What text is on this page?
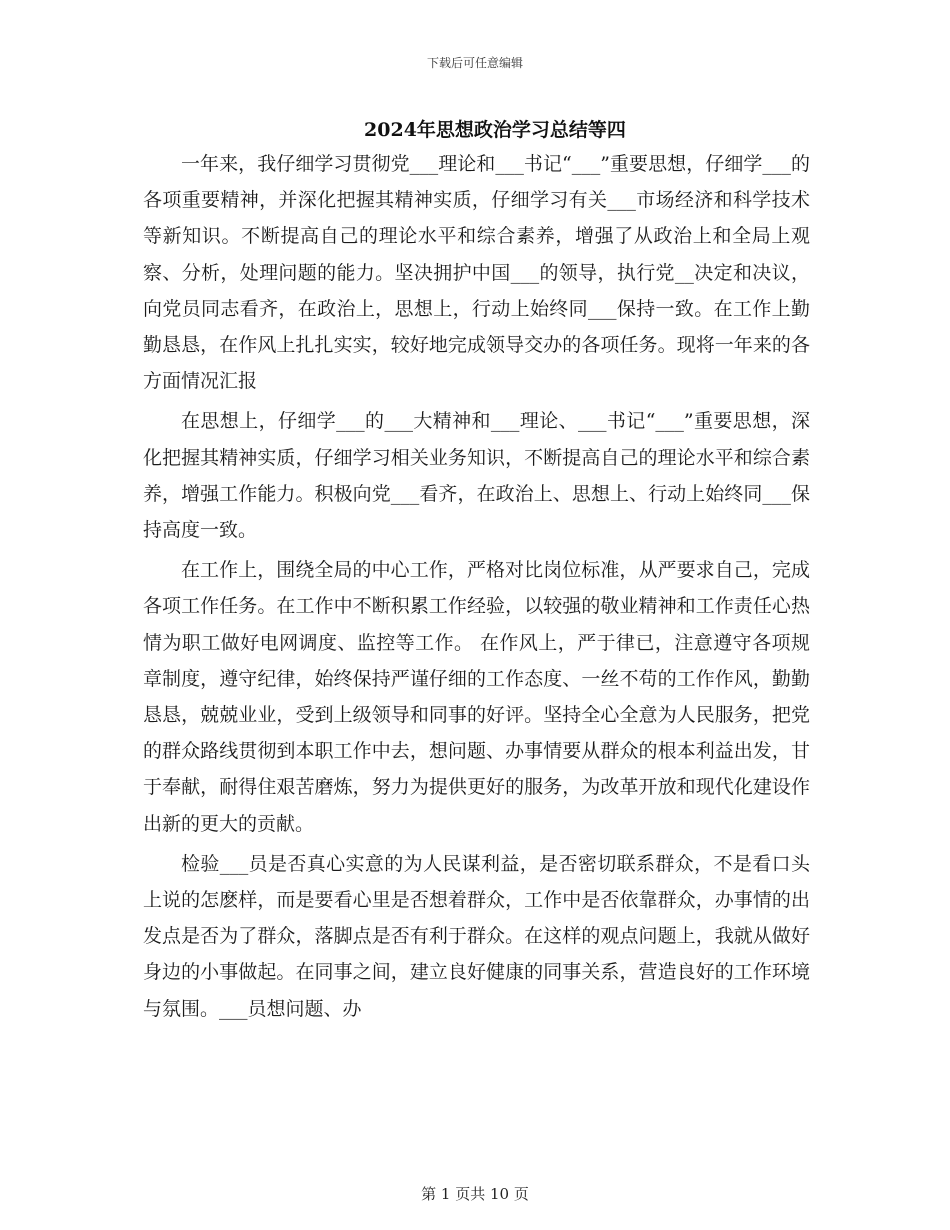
下载后可任意编辑
2024年思想政治学习总结等四

一年来，我仔细学习贯彻党___理论和___书记“___”重要思想，仔细学___的各项重要精神，并深化把握其精神实质，仔细学习有关___市场经济和科学技术等新知识。不断提高自己的理论水平和综合素养，增强了从政治上和全局上观察、分析，处理问题的能力。坚决拥护中国___的领导，执行党__决定和决议，向党员同志看齐，在政治上，思想上，行动上始终同___保持一致。在工作上勤勤恳恳，在作风上扎扎实实，较好地完成领导交办的各项任务。现将一年来的各方面情况汇报

在思想上，仔细学___的___大精神和___理论、___书记“___”重要思想，深化把握其精神实质，仔细学习相关业务知识，不断提高自己的理论水平和综合素养，增强工作能力。积极向党___看齐，在政治上、思想上、行动上始终同___保持高度一致。

在工作上，围绕全局的中心工作，严格对比岗位标准，从严要求自己，完成各项工作任务。在工作中不断积累工作经验，以较强的敬业精神和工作责任心热情为职工做好电网调度、监控等工作。 在作风上，严于律已，注意遵守各项规章制度，遵守纪律，始终保持严谨仔细的工作态度、一丝不苟的工作作风，勤勤恳恳，兢兢业业，受到上级领导和同事的好评。坚持全心全意为人民服务，把党的群众路线贯彻到本职工作中去，想问题、办事情要从群众的根本利益出发，甘于奉献，耐得住艰苦磨炼，努力为提供更好的服务，为改革开放和现代化建设作出新的更大的贡献。

检验___员是否真心实意的为人民谋利益，是否密切联系群众，不是看口头上说的怎麽样，而是要看心里是否想着群众，工作中是否依靠群众，办事情的出发点是否为了群众，落脚点是否有利于群众。在这样的观点问题上，我就从做好身边的小事做起。在同事之间，建立良好健康的同事关系，营造良好的工作环境与氛围。___员想问题、办

第 1 页共 10 页
